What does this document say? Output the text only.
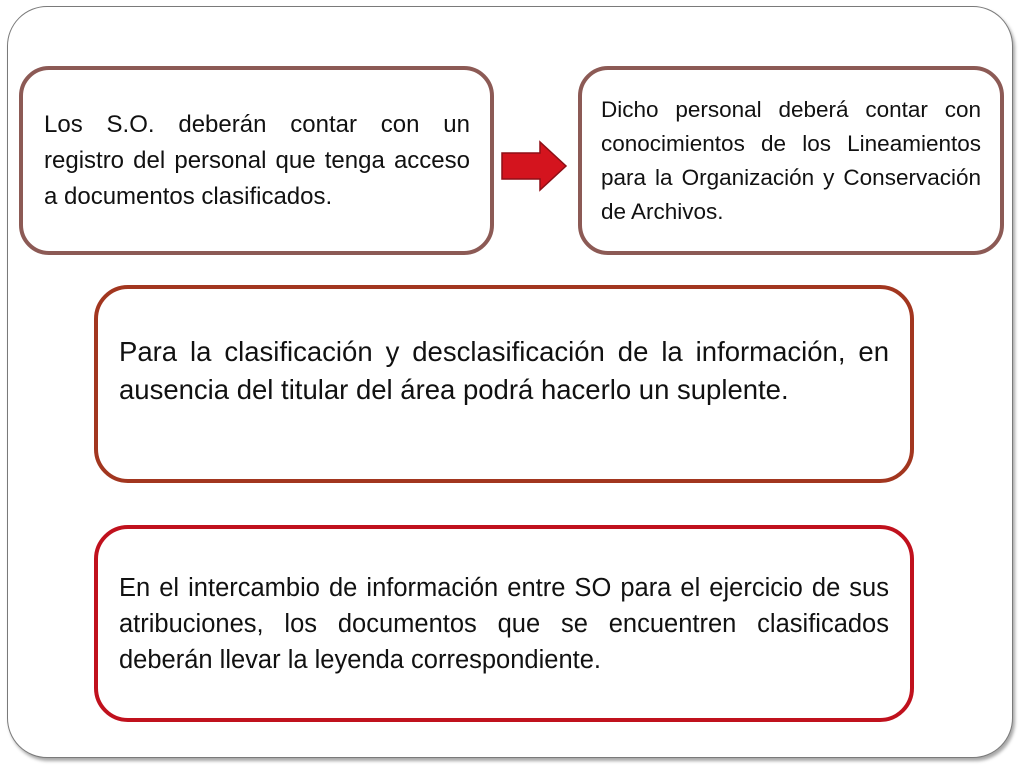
Los S.O. deberán contar con un registro del personal que tenga acceso a documentos clasificados.

Dicho personal deberá contar con conocimientos de los Lineamientos para la Organización y Conservación de Archivos.

Para la clasificación y desclasificación de la información, en ausencia del titular del área podrá hacerlo un suplente.

En el intercambio de información entre SO para el ejercicio de sus atribuciones, los documentos que se encuentren clasificados deberán llevar la leyenda correspondiente.
